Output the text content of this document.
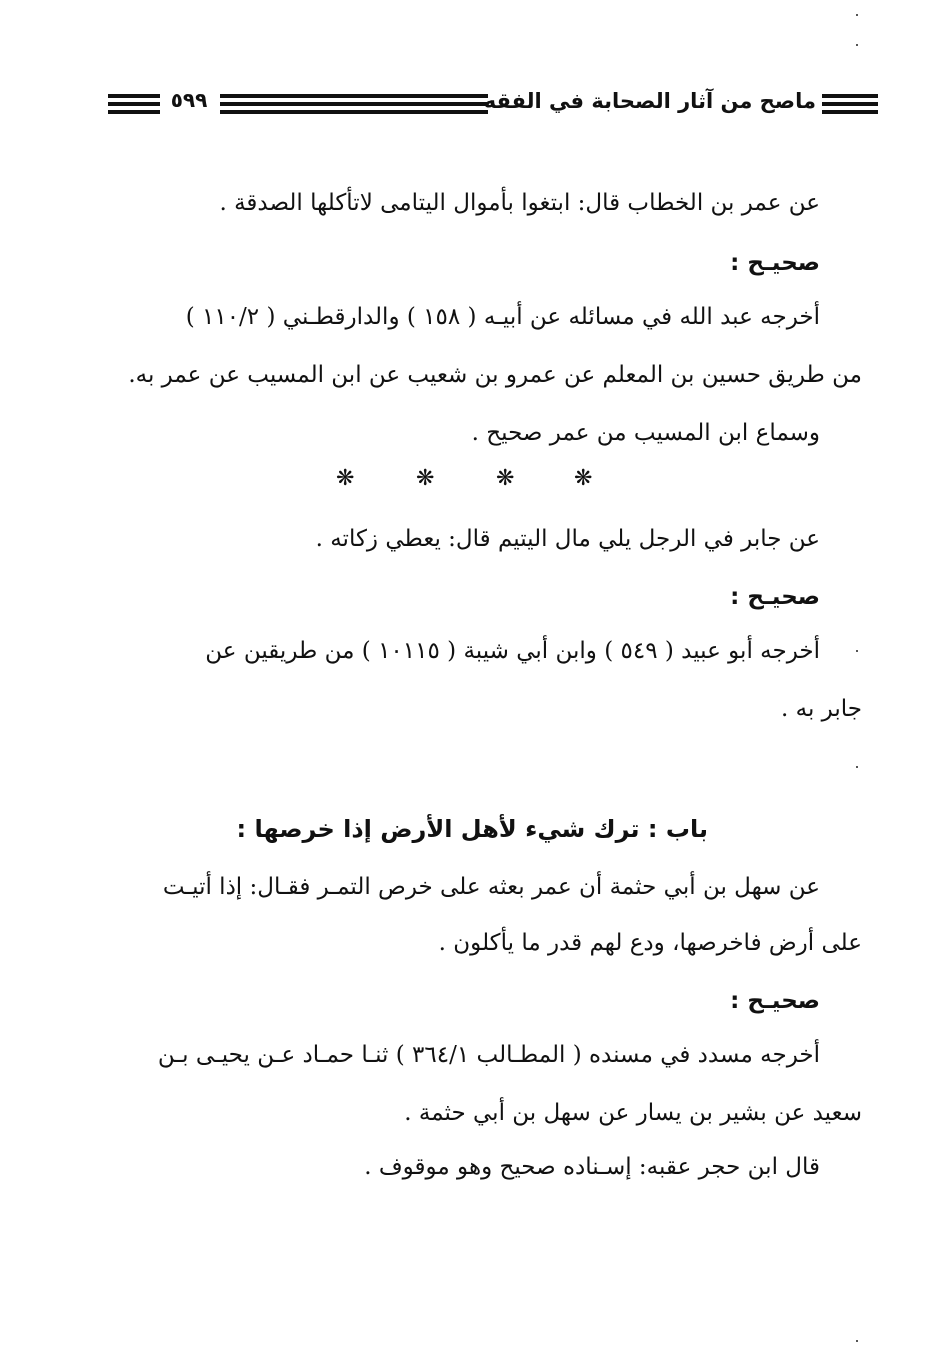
٥٩٩	ماصح من آثار الصحابة في الفقه
عن عمر بن الخطاب قال: ابتغوا بأموال اليتامى لاتأكلها الصدقة .
صحيـح :
أخرجه عبد الله في مسائله عن أبيـه ( ١٥٨ ) والدارقطـني ( ١١٠/٢ )
من طريق حسين بن المعلم عن عمرو بن شعيب عن ابن المسيب عن عمر به.
وسماع ابن المسيب من عمر صحيح .
❋	❋	❋	❋
عن جابر في الرجل يلي مال اليتيم قال: يعطي زكاته .
صحيـح :
أخرجه أبو عبيد ( ٥٤٩ ) وابن أبي شيبة ( ١٠١١٥ ) من طريقين عن
جابر به .
باب : ترك شيء لأهل الأرض إذا خرصها :
عن سهل بن أبي حثمة أن عمر بعثه على خرص التمـر فقـال: إذا أتيـت
على أرض فاخرصها، ودع لهم قدر ما يأكلون .
صحيـح :
أخرجه مسدد في مسنده ( المطـالب ٣٦٤/١ ) ثنـا حمـاد عـن يحيـى بـن
سعيد عن بشير بن يسار عن سهل بن أبي حثمة .
قال ابن حجر عقبه: إسـناده صحيح وهو موقوف .
